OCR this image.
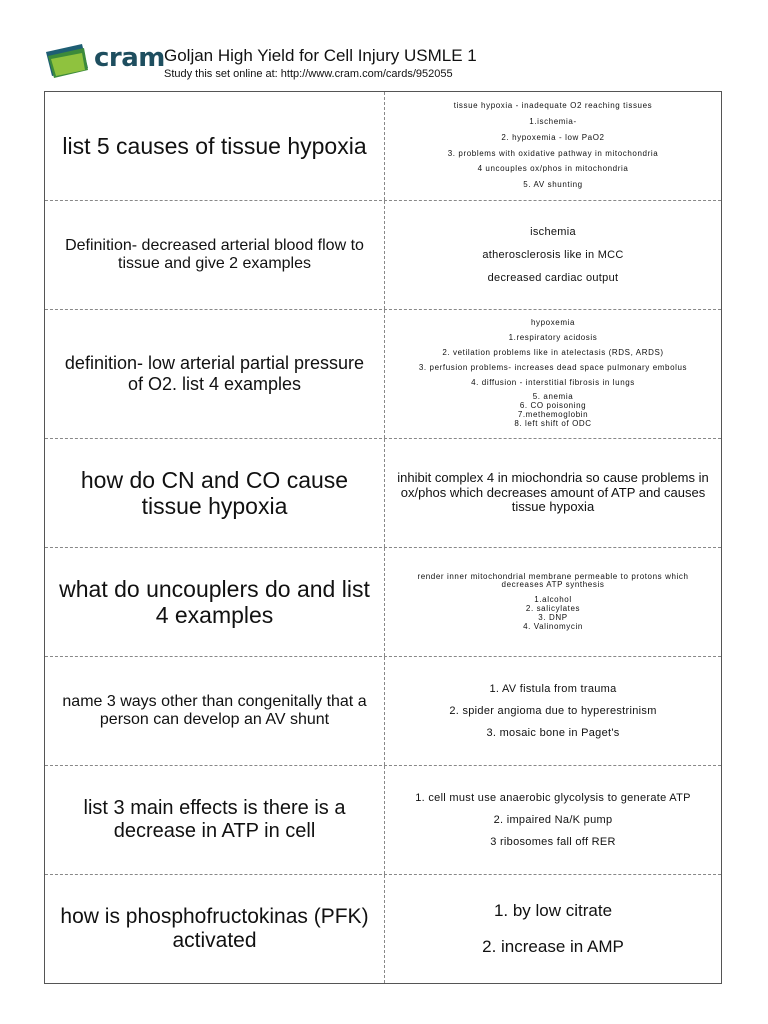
cram Goljan High Yield for Cell Injury USMLE 1
Study this set online at: http://www.cram.com/cards/952055
list 5 causes of tissue hypoxia

tissue hypoxia - inadequate O2 reaching tissues

1.ischemia-

2. hypoxemia - low PaO2

3. problems with oxidative pathway in mitochondria

4 uncouples ox/phos in mitochondria

5. AV shunting

Definition- decreased arterial blood flow to tissue and give 2 examples

ischemia

atherosclerosis like in MCC

decreased cardiac output

definition- low arterial partial pressure of O2. list 4 examples

hypoxemia

1.respiratory acidosis

2. vetilation problems like in atelectasis (RDS, ARDS)

3. perfusion problems- increases dead space pulmonary embolus

4. diffusion - interstitial fibrosis in lungs

5. anemia

6. CO poisoning

7.methemoglobin

8. left shift of ODC

how do CN and CO cause tissue hypoxia

inhibit complex 4 in miochondria so cause problems in ox/phos which decreases amount of ATP and causes tissue hypoxia

what do uncouplers do and list 4 examples

render inner mitochondrial membrane permeable to protons which decreases ATP synthesis

1.alcohol

2. salicylates

3. DNP

4. Valinomycin

name 3 ways other than congenitally that a person can develop an AV shunt

1. AV fistula from trauma

2. spider angioma due to hyperestrinism

3. mosaic bone in Paget's

list 3 main effects is there is a decrease in ATP in cell

1. cell must use anaerobic glycolysis to generate ATP

2. impaired Na/K pump

3 ribosomes fall off RER

how is phosphofructokinas (PFK) activated

1. by low citrate

2. increase in AMP
